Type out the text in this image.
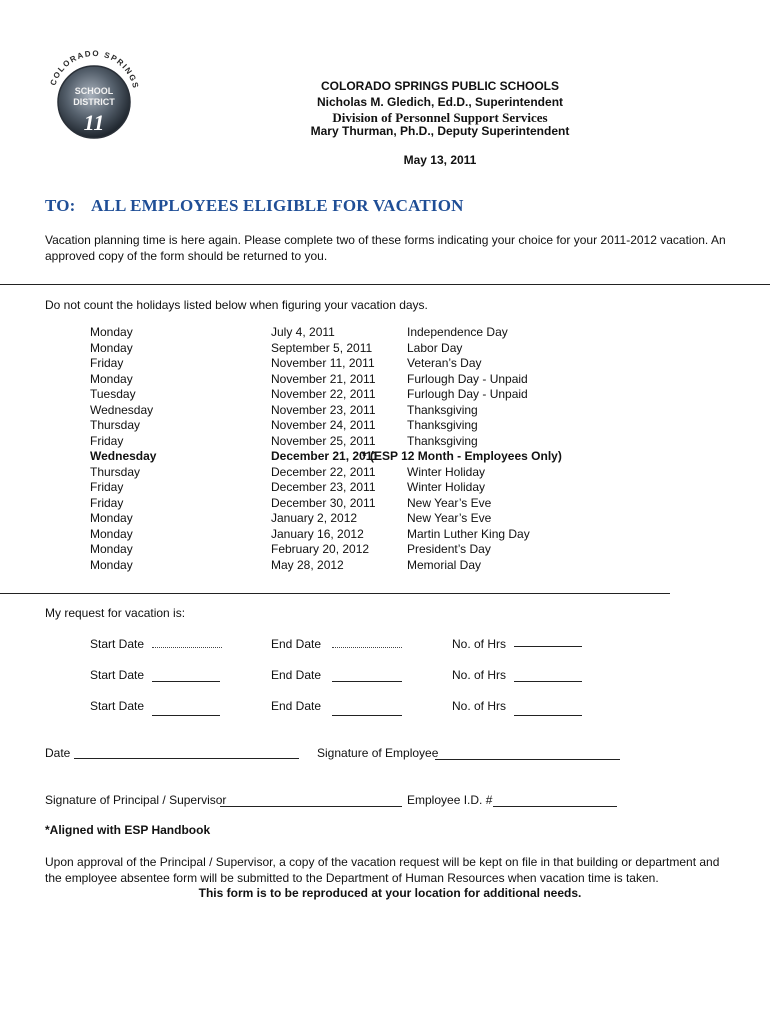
COLORADO SPRINGS
SCHOOL
DISTRICT
11
COLORADO SPRINGS PUBLIC SCHOOLS
Nicholas M. Gledich, Ed.D., Superintendent
Division of Personnel Support Services
Mary Thurman, Ph.D., Deputy Superintendent
May 13, 2011
TO: ALL EMPLOYEES ELIGIBLE FOR VACATION
Vacation planning time is here again. Please complete two of these forms indicating your choice for your 2011-2012 vacation. An approved copy of the form should be returned to you.
Do not count the holidays listed below when figuring your vacation days.
Monday	July 4, 2011	Independence Day
Monday	September 5, 2011	Labor Day
Friday	November 11, 2011	Veteran’s Day
Monday	November 21, 2011	Furlough Day - Unpaid
Tuesday	November 22, 2011	Furlough Day - Unpaid
Wednesday	November 23, 2011	Thanksgiving
Thursday	November 24, 2011	Thanksgiving
Friday	November 25, 2011	Thanksgiving
Wednesday	December 21, 2011	* (ESP 12 Month - Employees Only)
Thursday	December 22, 2011	Winter Holiday
Friday	December 23, 2011	Winter Holiday
Friday	December 30, 2011	New Year’s Eve
Monday	January 2, 2012	New Year’s Eve
Monday	January 16, 2012	Martin Luther King Day
Monday	February 20, 2012	President’s Day
Monday	May 28, 2012	Memorial Day
My request for vacation is:
Start Date	End Date	No. of Hrs
Start Date	End Date	No. of Hrs
Start Date	End Date	No. of Hrs
Date	Signature of Employee
Signature of Principal / Supervisor	Employee I.D. #
*Aligned with ESP Handbook
Upon approval of the Principal / Supervisor, a copy of the vacation request will be kept on file in that building or department and the employee absentee form will be submitted to the Department of Human Resources when vacation time is taken.
This form is to be reproduced at your location for additional needs.
